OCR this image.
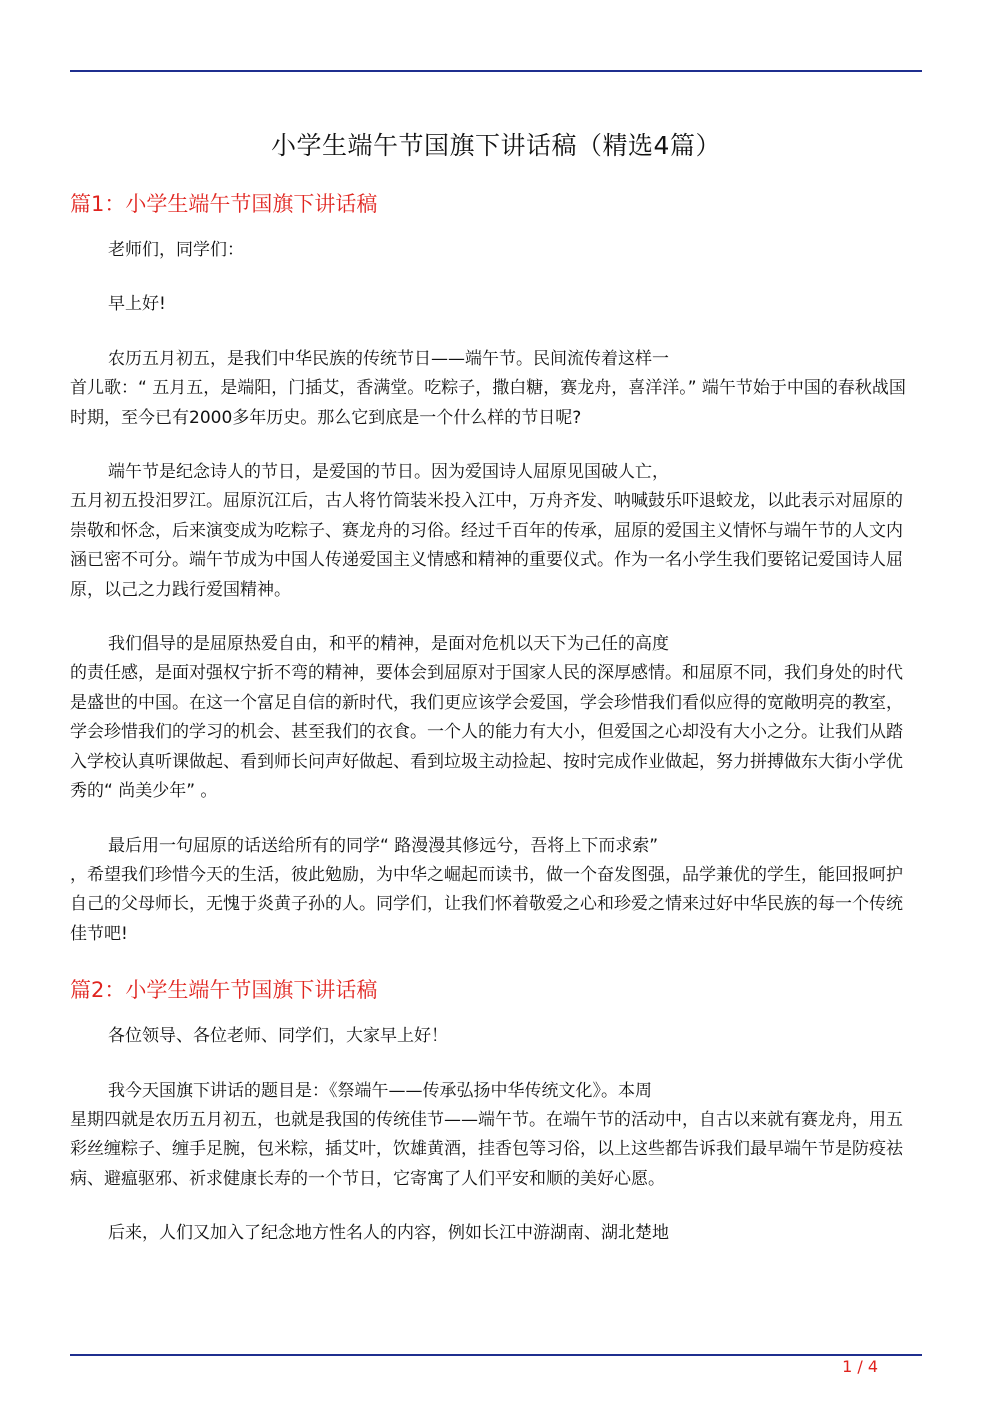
小学生端午节国旗下讲话稿（精选4篇）
篇1：小学生端午节国旗下讲话稿
老师们，同学们：
早上好!
农历五月初五，是我们中华民族的传统节日——端午节。民间流传着这样一
首儿歌：“ 五月五，是端阳，门插艾，香满堂。吃粽子，撒白糖，赛龙舟，喜洋洋。” 端午节始于中国的春秋战国时期，至今已有2000多年历史。那么它到底是一个什么样的节日呢?
端午节是纪念诗人的节日，是爱国的节日。因为爱国诗人屈原见国破人亡，
五月初五投汨罗江。屈原沉江后，古人将竹筒装米投入江中，万舟齐发、呐喊鼓乐吓退蛟龙，以此表示对屈原的崇敬和怀念，后来演变成为吃粽子、赛龙舟的习俗。经过千百年的传承，屈原的爱国主义情怀与端午节的人文内涵已密不可分。端午节成为中国人传递爱国主义情感和精神的重要仪式。作为一名小学生我们要铭记爱国诗人屈原，以己之力践行爱国精神。
我们倡导的是屈原热爱自由，和平的精神，是面对危机以天下为己任的高度
的责任感，是面对强权宁折不弯的精神，要体会到屈原对于国家人民的深厚感情。和屈原不同，我们身处的时代是盛世的中国。在这一个富足自信的新时代，我们更应该学会爱国，学会珍惜我们看似应得的宽敞明亮的教室，学会珍惜我们的学习的机会、甚至我们的衣食。一个人的能力有大小，但爱国之心却没有大小之分。让我们从踏入学校认真听课做起、看到师长问声好做起、看到垃圾主动捡起、按时完成作业做起，努力拼搏做东大街小学优秀的“ 尚美少年” 。
最后用一句屈原的话送给所有的同学“ 路漫漫其修远兮，吾将上下而求索”
，希望我们珍惜今天的生活，彼此勉励，为中华之崛起而读书，做一个奋发图强，品学兼优的学生，能回报呵护自己的父母师长，无愧于炎黄子孙的人。同学们，让我们怀着敬爱之心和珍爱之情来过好中华民族的每一个传统佳节吧!
篇2：小学生端午节国旗下讲话稿
各位领导、各位老师、同学们，大家早上好！
我今天国旗下讲话的题目是：《祭端午——传承弘扬中华传统文化》。本周
星期四就是农历五月初五，也就是我国的传统佳节——端午节。在端午节的活动中，自古以来就有赛龙舟，用五彩丝缠粽子、缠手足腕，包米粽，插艾叶，饮雄黄酒，挂香包等习俗，以上这些都告诉我们最早端午节是防疫祛病、避瘟驱邪、祈求健康长寿的一个节日，它寄寓了人们平安和顺的美好心愿。
后来，人们又加入了纪念地方性名人的内容，例如长江中游湖南、湖北楚地
1 / 4
